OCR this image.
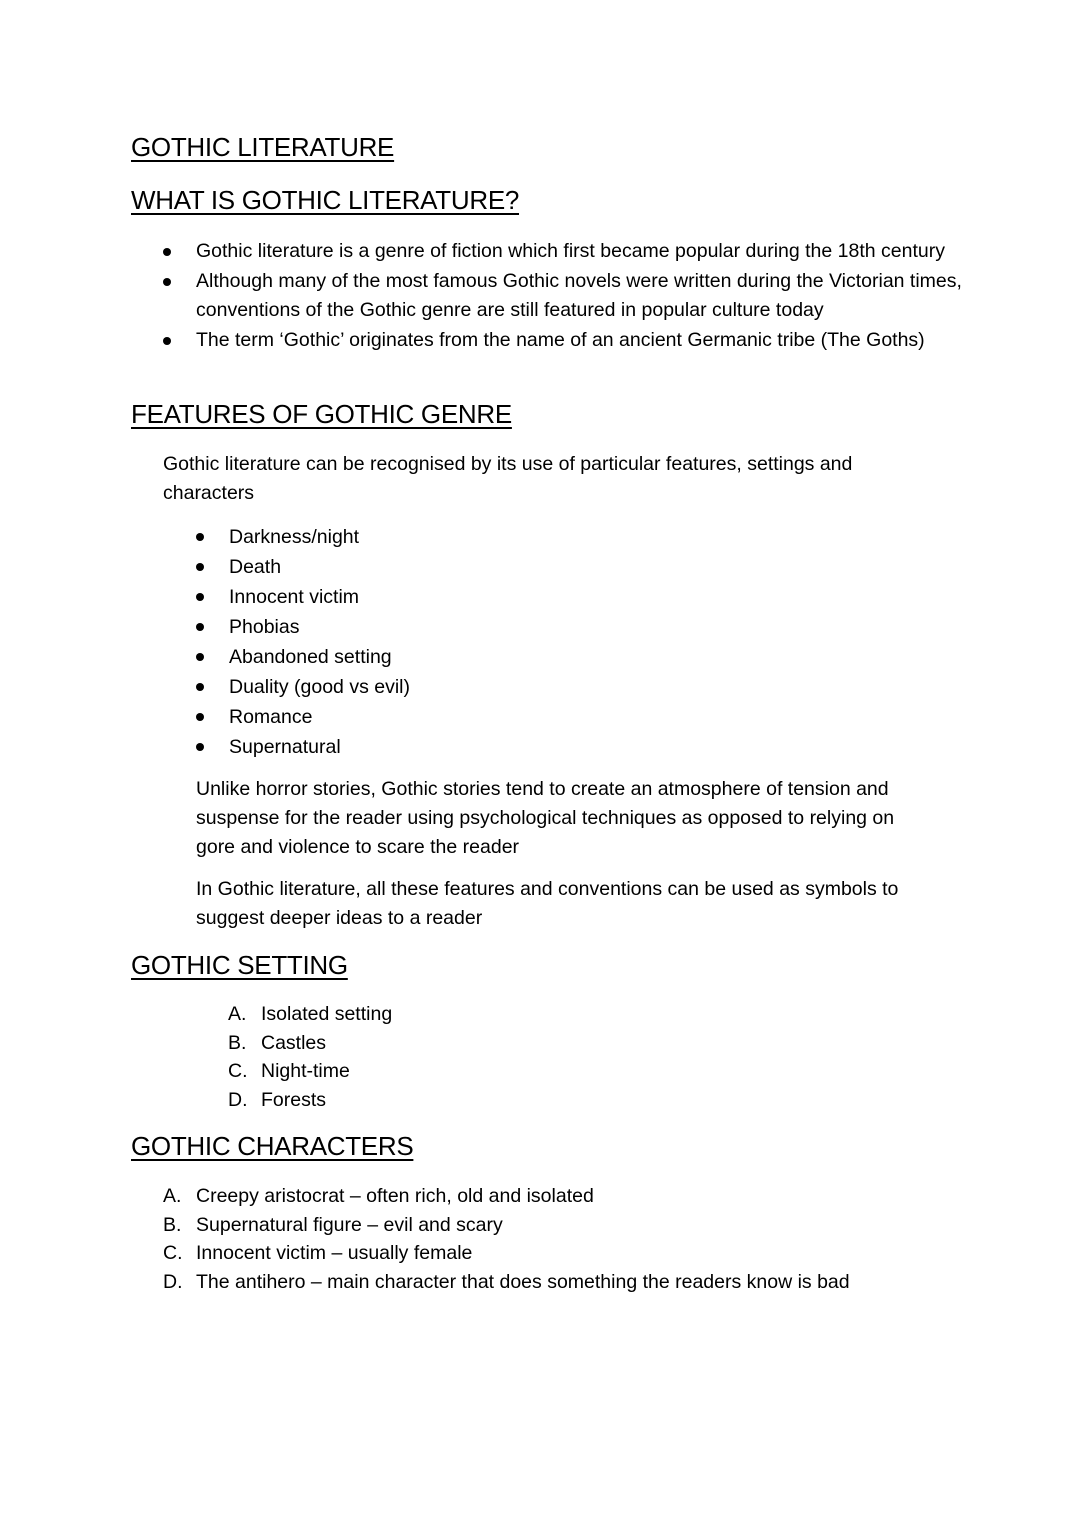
GOTHIC LITERATURE
WHAT IS GOTHIC LITERATURE?
Gothic literature is a genre of fiction which first became popular during the 18th century
Although many of the most famous Gothic novels were written during the Victorian times, conventions of the Gothic genre are still featured in popular culture today
The term ‘Gothic’ originates from the name of an ancient Germanic tribe (The Goths)
FEATURES OF GOTHIC GENRE

Gothic literature can be recognised by its use of particular features, settings and characters

Darkness/night
Death
Innocent victim
Phobias
Abandoned setting
Duality (good vs evil)
Romance
Supernatural

Unlike horror stories, Gothic stories tend to create an atmosphere of tension and suspense for the reader using psychological techniques as opposed to relying on gore and violence to scare the reader

In Gothic literature, all these features and conventions can be used as symbols to suggest deeper ideas to a reader

GOTHIC SETTING
A. Isolated setting
B. Castles
C. Night-time
D. Forests
GOTHIC CHARACTERS
A. Creepy aristocrat – often rich, old and isolated
B. Supernatural figure – evil and scary
C. Innocent victim – usually female
D. The antihero – main character that does something the readers know is bad
